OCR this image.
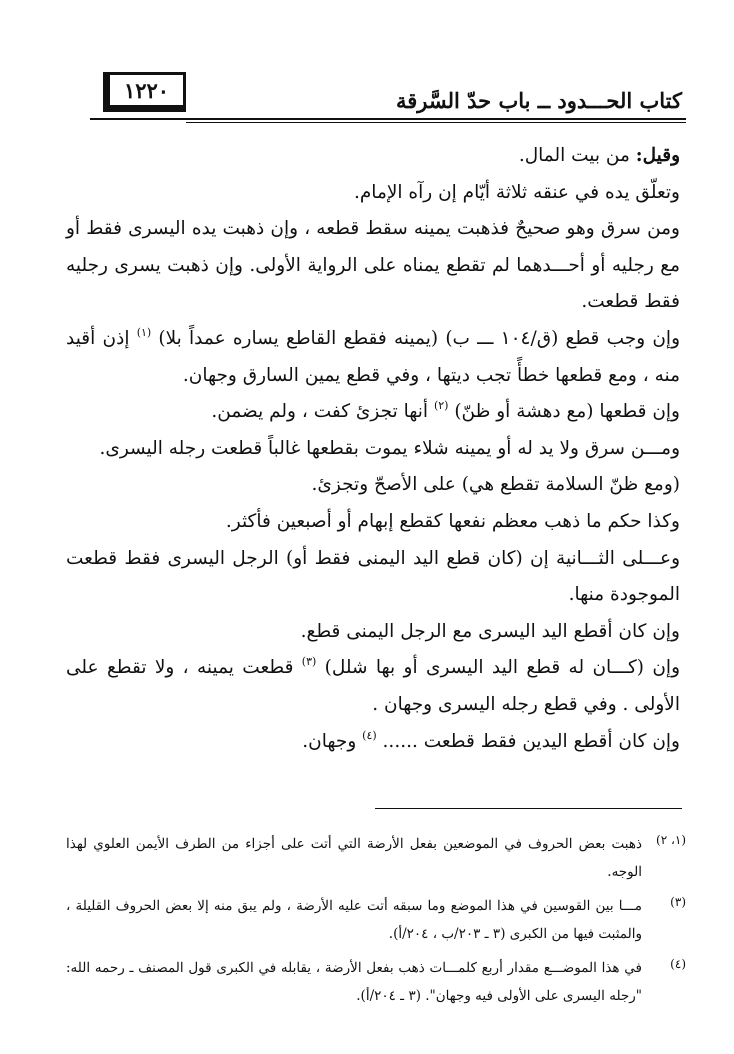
١٢٢٠	كتاب الحـــدود ــ باب حدّ السَّرقة

وقيل: من بيت المال.

وتعلّق يده في عنقه ثلاثة أيّام إن رآه الإمام.

ومن سرق وهو صحيحٌ فذهبت يمينه سقط قطعه ، وإن ذهبت يده اليسرى فقط أو مع رجليه أو أحـــدهما لم تقطع يمناه على الرواية الأولى. وإن ذهبت يسرى رجليه فقط قطعت.

وإن وجب قطع (ق/١٠٤ ـــ ب) (يمينه فقطع القاطع يساره عمداً بلا) $^{(١)}$ إذن أقيد منه ، ومع قطعها خطأً تجب ديتها ، وفي قطع يمين السارق وجهان.

وإن قطعها (مع دهشة أو ظنّ) $^{(٢)}$ أنها تجزئ كفت ، ولم يضمن.

ومـــن سرق ولا يد له أو يمينه شلاء يموت بقطعها غالباً قطعت رجله اليسرى.

(ومع ظنّ السلامة تقطع هي) على الأصحّ وتجزئ.

وكذا حكم ما ذهب معظم نفعها كقطع إبهام أو أصبعين فأكثر.

وعـــلى الثـــانية إن (كان قطع اليد اليمنى فقط أو) الرجل اليسرى فقط قطعت الموجودة منها.

وإن كان أقطع اليد اليسرى مع الرجل اليمنى قطع.

وإن (كـــان له قطع اليد اليسرى أو بها شلل) $^{(٣)}$ قطعت يمينه ، ولا تقطع على الأولى . وفي قطع رجله اليسرى وجهان .

وإن كان أقطع اليدين فقط قطعت ...... $^{(٤)}$ وجهان.

(١، ٢)
ذهبت بعض الحروف في الموضعين بفعل الأرضة التي أتت على أجزاء من الطرف الأيمن العلوي لهذا الوجه.
(٣)
مـــا بين القوسين في هذا الموضع وما سبقه أتت عليه الأرضة ، ولم يبق منه إلا بعض الحروف القليلة ، والمثبت فيها من الكبرى (٣ ـ ٢٠٣/ب ، ٢٠٤/أ).
(٤)
في هذا الموضـــع مقدار أربع كلمـــات ذهب بفعل الأرضة ، يقابله في الكبرى قول المصنف ـ رحمه الله: "رجله اليسرى على الأولى فيه وجهان". (٣ ـ ٢٠٤/أ).
